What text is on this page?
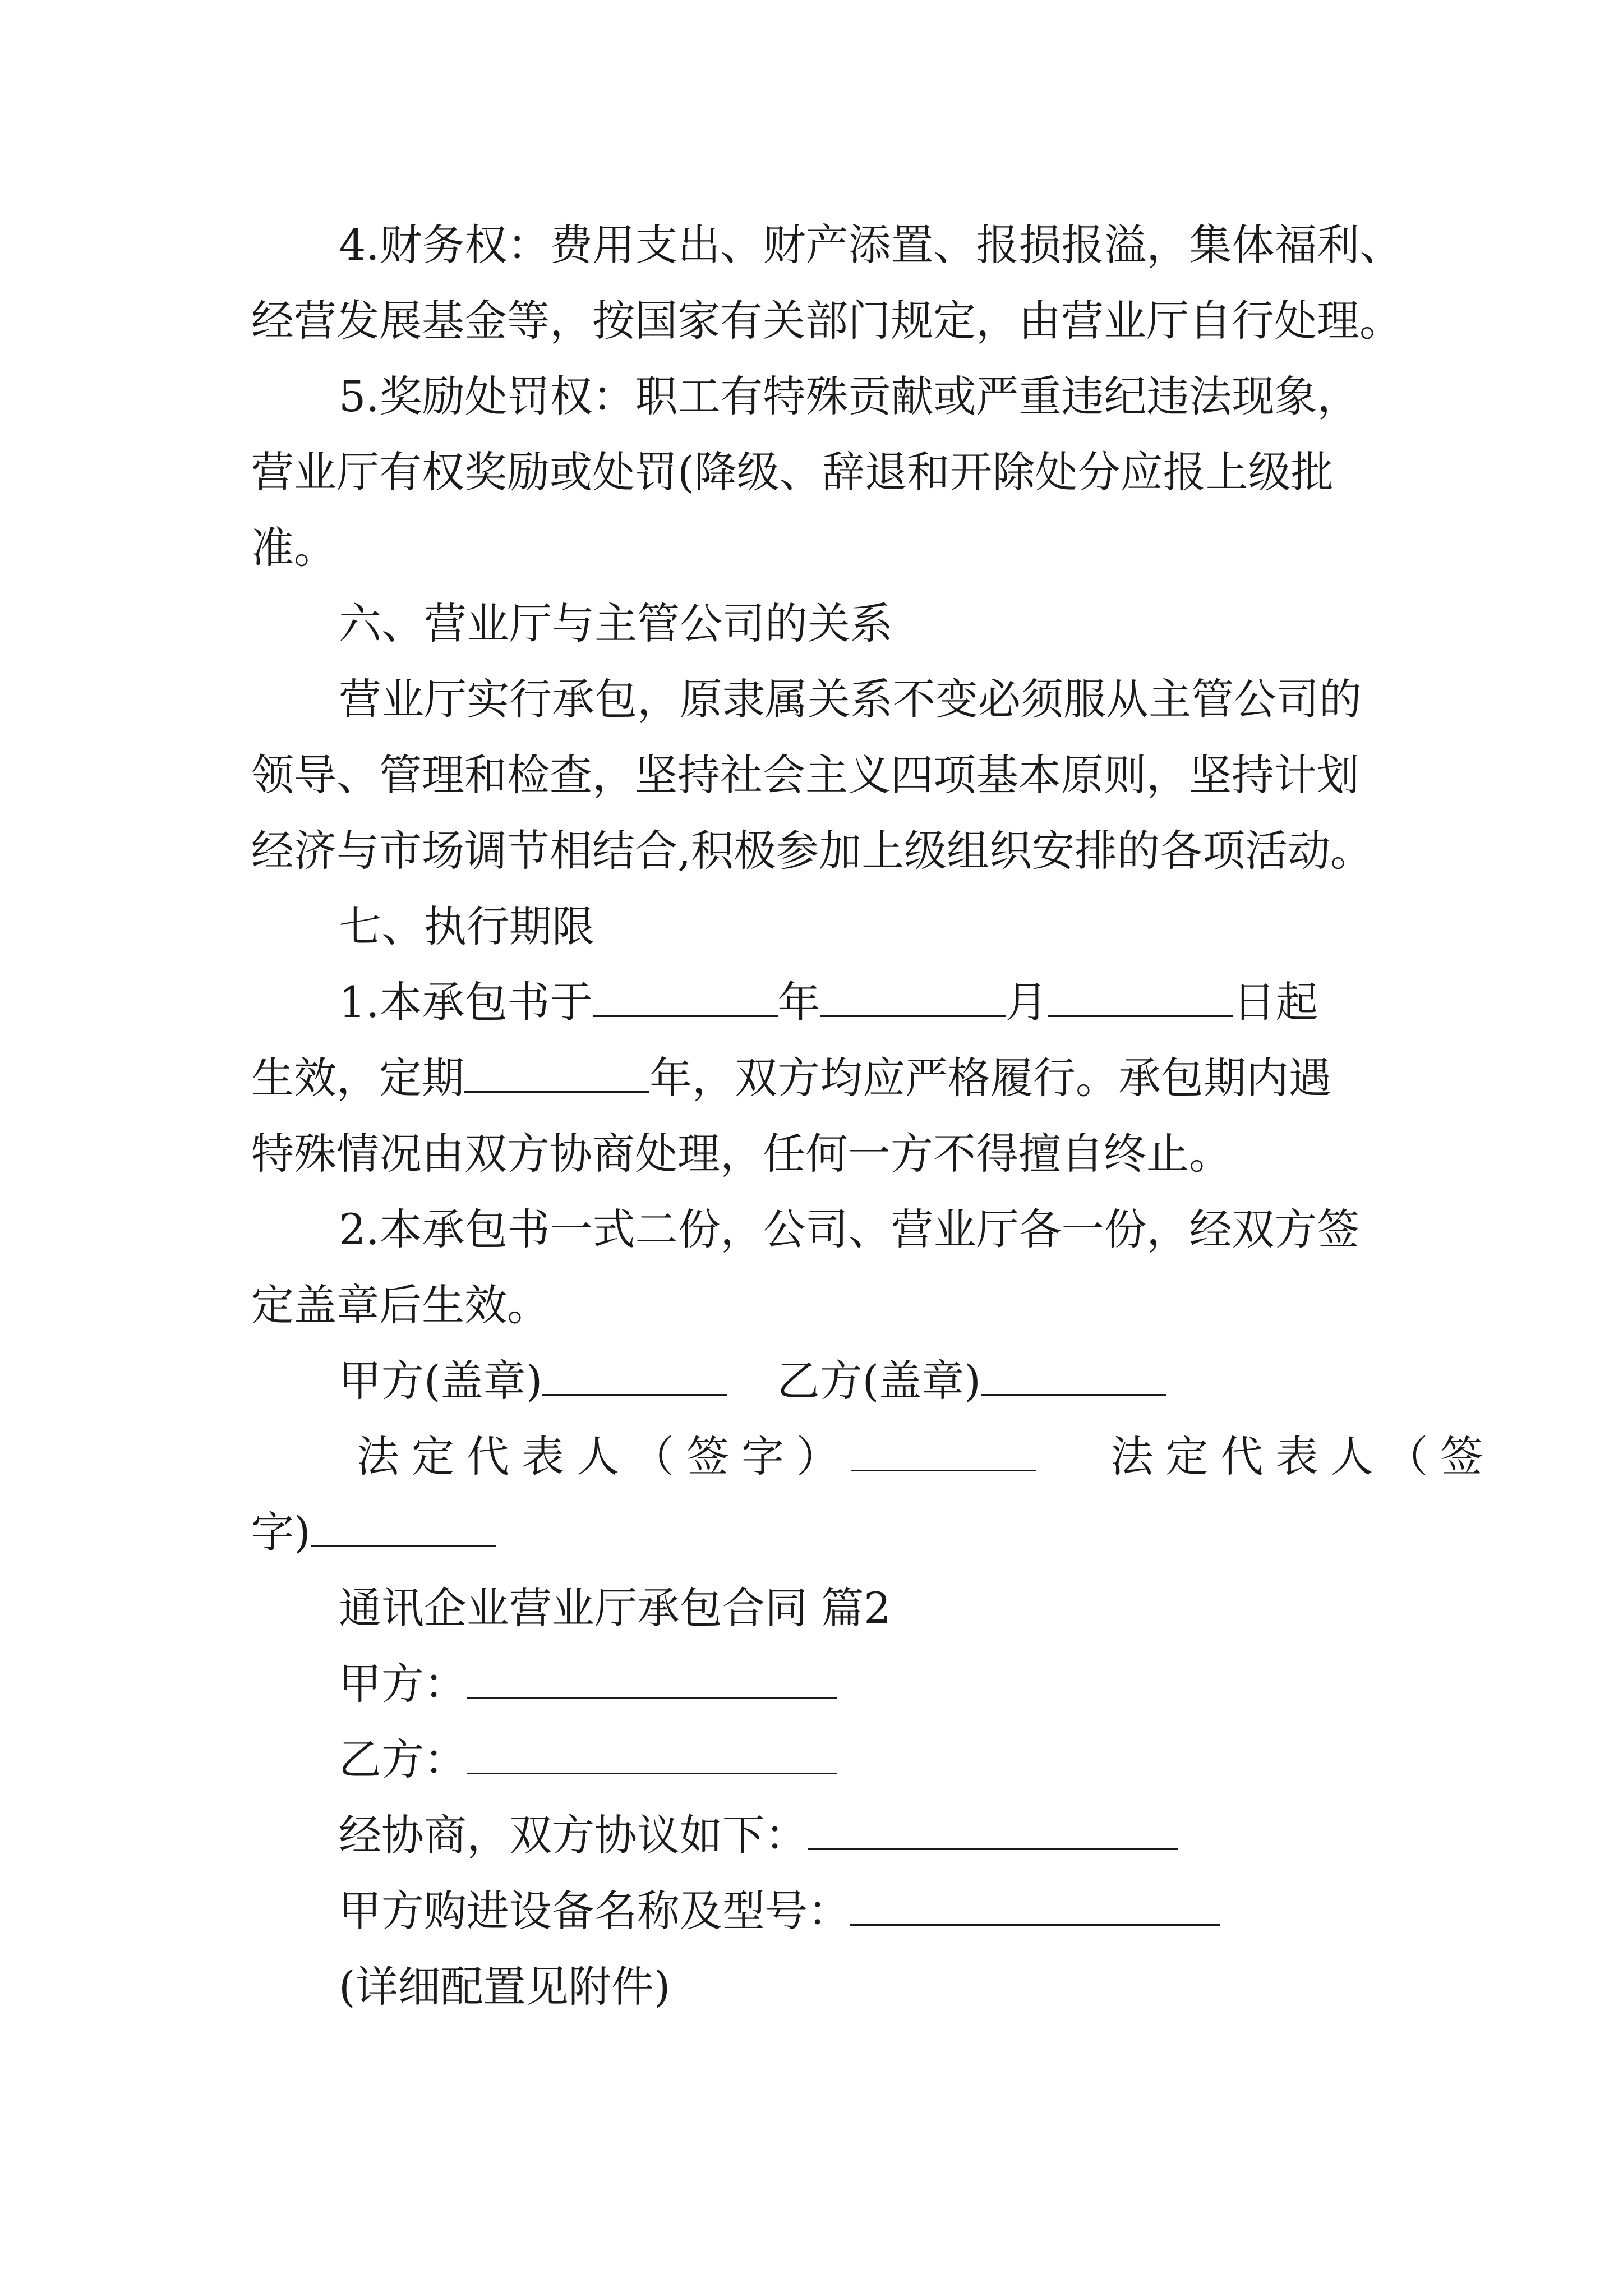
4.财务权：费用支出、财产添置、报损报溢，集体福利、
经营发展基金等，按国家有关部门规定，由营业厅自行处理。
5.奖励处罚权：职工有特殊贡献或严重违纪违法现象，
营业厅有权奖励或处罚(降级、辞退和开除处分应报上级批
准。
六、营业厅与主管公司的关系
营业厅实行承包，原隶属关系不变必须服从主管公司的
领导、管理和检查，坚持社会主义四项基本原则，坚持计划
经济与市场调节相结合,积极参加上级组织安排的各项活动。
七、执行期限
1.本承包书于	年	月	日起
生效，定期	年，双方均应严格履行。承包期内遇
特殊情况由双方协商处理，任何一方不得擅自终止。
2.本承包书一式二份，公司、营业厅各一份，经双方签
定盖章后生效。
甲方(盖章)	乙方(盖章)
法定代表人（签字）	法定代表人（签
字)
通讯企业营业厅承包合同 篇2
甲方：
乙方：
经协商，双方协议如下：
甲方购进设备名称及型号：
(详细配置见附件)
